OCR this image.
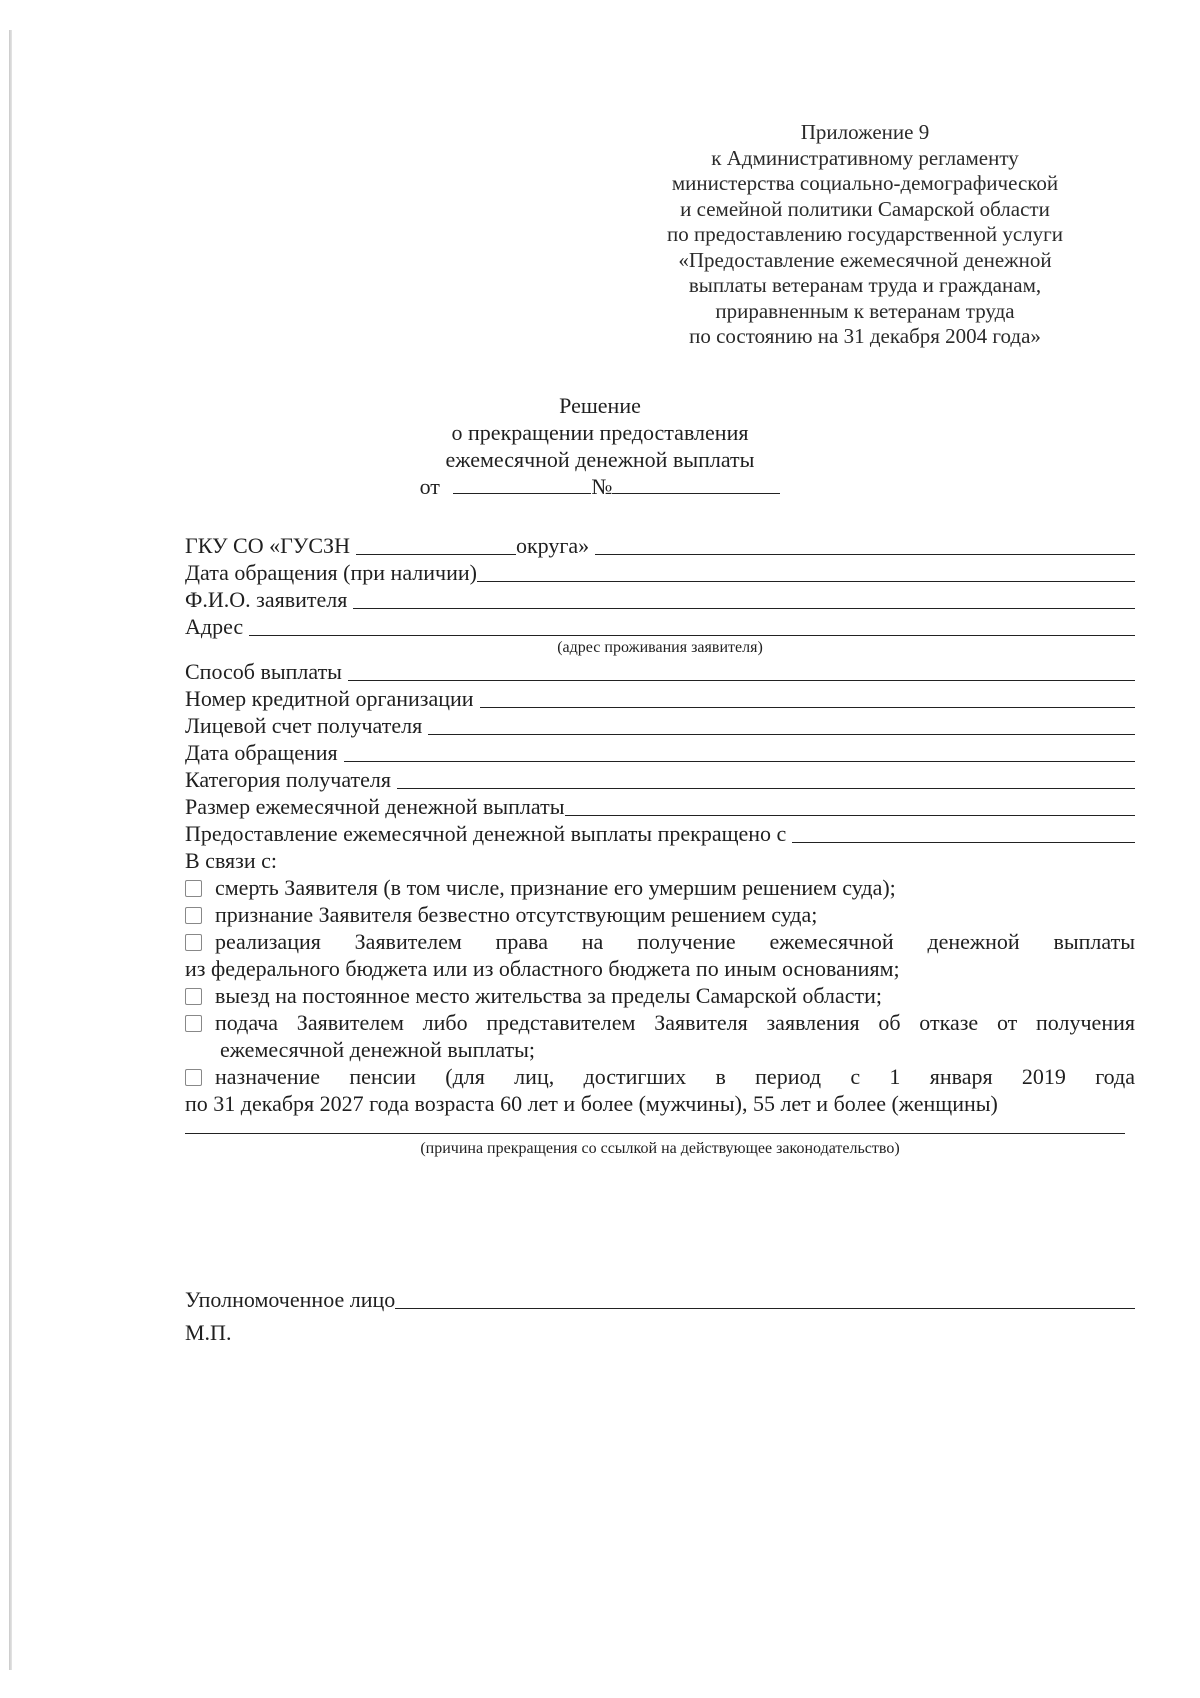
Приложение 9
к Административному регламенту
министерства социально-демографической
и семейной политики Самарской области
по предоставлению государственной услуги
«Предоставление ежемесячной денежной
выплаты ветеранам труда и гражданам,
приравненным к ветеранам труда
по состоянию на 31 декабря 2004 года»
Решение
о прекращении предоставления
ежемесячной денежной выплаты
от	№
ГКУ СО «ГУСЗН	округа»
Дата обращения (при наличии)
Ф.И.О. заявителя
Адрес
(адрес проживания заявителя)
Способ выплаты
Номер кредитной организации
Лицевой счет получателя
Дата обращения
Категория получателя
Размер ежемесячной денежной выплаты
Предоставление ежемесячной денежной выплаты прекращено с
В связи с:
смерть Заявителя (в том числе, признание его умершим решением суда);
признание Заявителя безвестно отсутствующим решением суда;
реализация Заявителем права на получение ежемесячной денежной выплаты
из федерального бюджета или из областного бюджета по иным основаниям;
выезд на постоянное место жительства за пределы Самарской области;
подача Заявителем либо представителем Заявителя заявления об отказе от получения
ежемесячной денежной выплаты;
назначение пенсии (для лиц, достигших в период с 1 января 2019 года
по 31 декабря 2027 года возраста 60 лет и более (мужчины), 55 лет и более (женщины)
(причина прекращения со ссылкой на действующее законодательство)
Уполномоченное лицо
М.П.
